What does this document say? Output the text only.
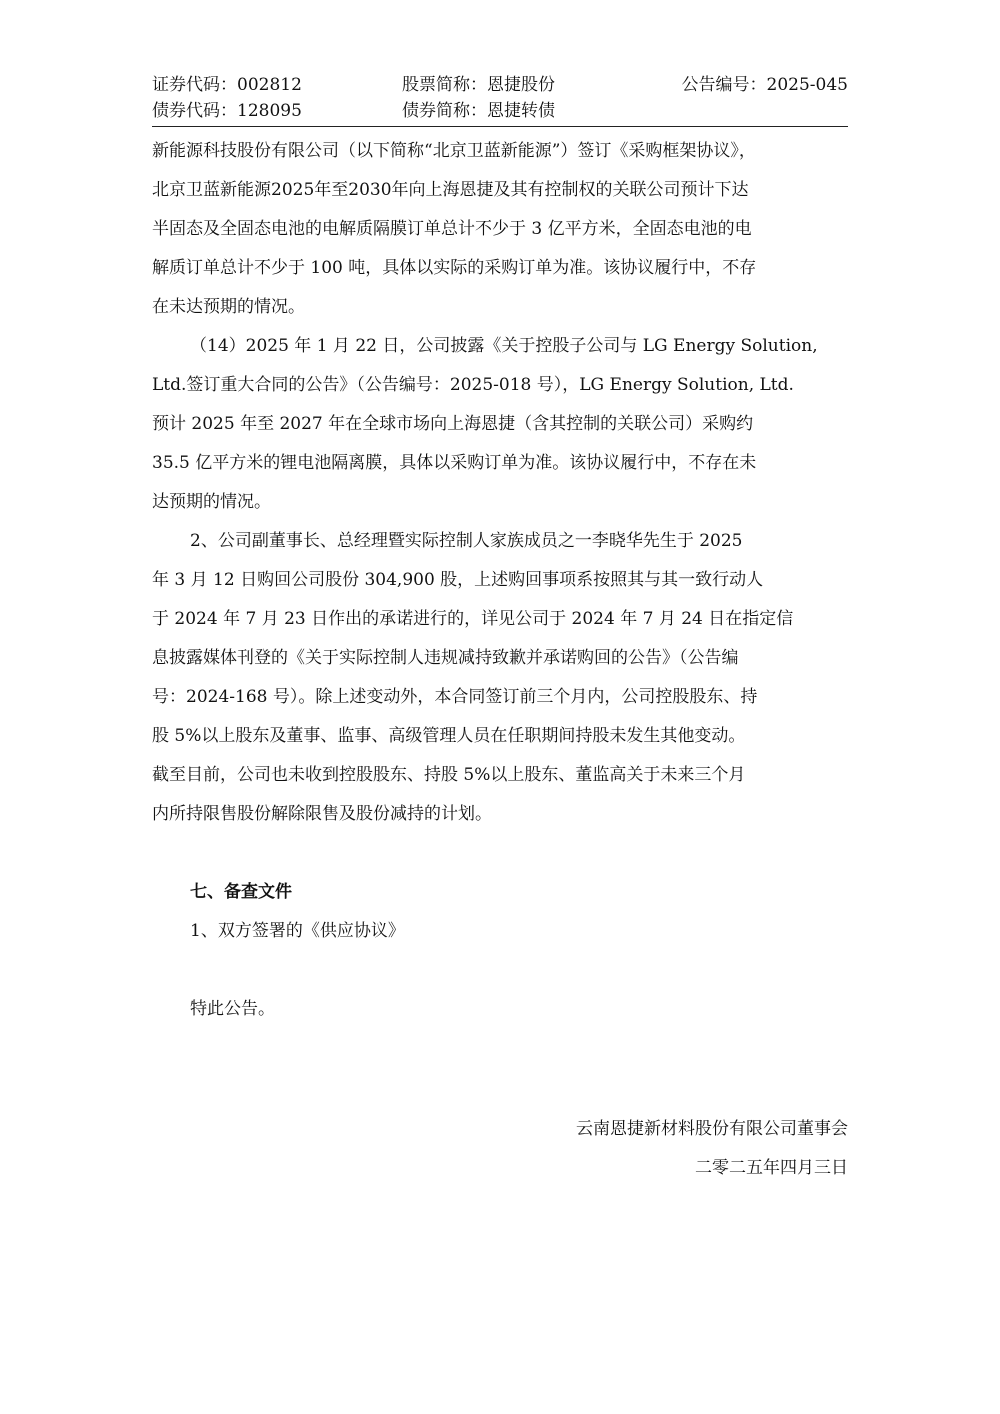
证券代码：002812	股票简称：恩捷股份	公告编号：2025-045
债券代码：128095	债券简称：恩捷转债
新能源科技股份有限公司（以下简称“北京卫蓝新能源”）签订《采购框架协议》，
北京卫蓝新能源2025年至2030年向上海恩捷及其有控制权的关联公司预计下达
半固态及全固态电池的电解质隔膜订单总计不少于 3 亿平方米，全固态电池的电
解质订单总计不少于 100 吨，具体以实际的采购订单为准。该协议履行中，不存
在未达预期的情况。
（14）2025 年 1 月 22 日，公司披露《关于控股子公司与 LG Energy Solution,
Ltd.签订重大合同的公告》（公告编号：2025-018 号），LG Energy Solution, Ltd.
预计 2025 年至 2027 年在全球市场向上海恩捷（含其控制的关联公司）采购约
35.5 亿平方米的锂电池隔离膜，具体以采购订单为准。该协议履行中，不存在未
达预期的情况。
2、公司副董事长、总经理暨实际控制人家族成员之一李晓华先生于 2025
年 3 月 12 日购回公司股份 304,900 股，上述购回事项系按照其与其一致行动人
于 2024 年 7 月 23 日作出的承诺进行的，详见公司于 2024 年 7 月 24 日在指定信
息披露媒体刊登的《关于实际控制人违规减持致歉并承诺购回的公告》（公告编
号：2024-168 号）。除上述变动外，本合同签订前三个月内，公司控股股东、持
股 5%以上股东及董事、监事、高级管理人员在任职期间持股未发生其他变动。
截至目前，公司也未收到控股股东、持股 5%以上股东、董监高关于未来三个月
内所持限售股份解除限售及股份减持的计划。
七、备查文件
1、双方签署的《供应协议》
特此公告。
云南恩捷新材料股份有限公司董事会
二零二五年四月三日
